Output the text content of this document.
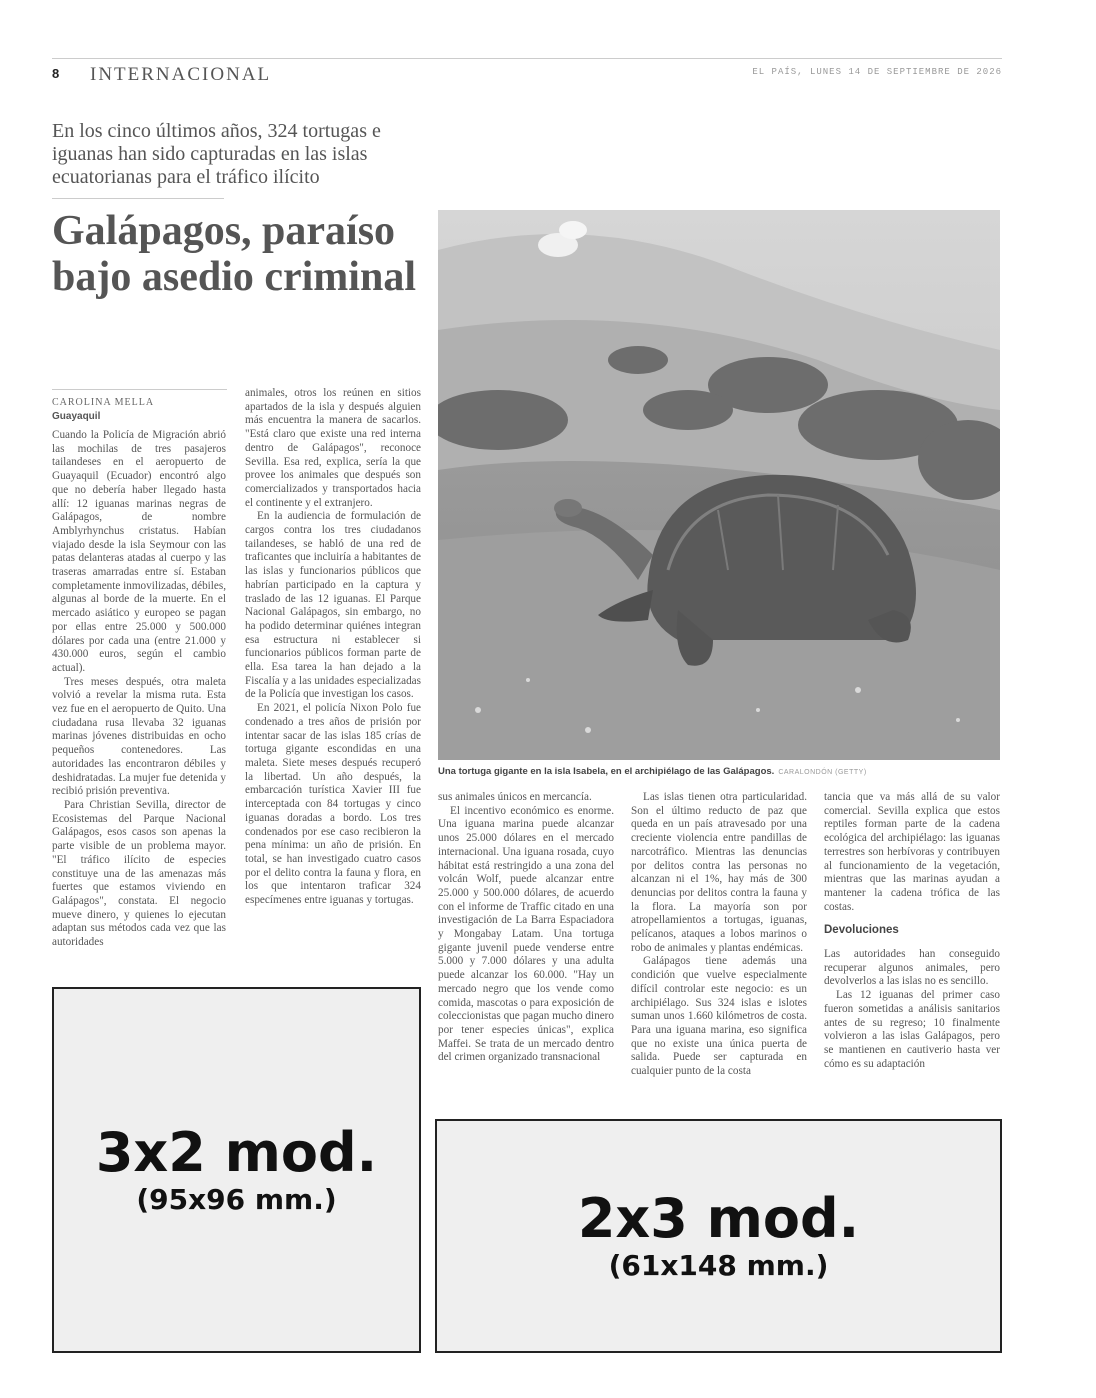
8 INTERNACIONAL	EL PAÍS, LUNES 14 DE SEPTIEMBRE DE 2026
En los cinco últimos años, 324 tortugas e iguanas han sido capturadas en las islas ecuatorianas para el tráfico ilícito
Galápagos, paraíso bajo asedio criminal
CAROLINA MELLA
Guayaquil

Cuando la Policía de Migración abrió las mochilas de tres pasajeros tailandeses en el aeropuerto de Guayaquil (Ecuador) encontró algo que no debería haber llegado hasta allí: 12 iguanas marinas negras de Galápagos, de nombre Amblyrhynchus cristatus. Habían viajado desde la isla Seymour con las patas delanteras atadas al cuerpo y las traseras amarradas entre sí. Estaban completamente inmovilizadas, débiles, algunas al borde de la muerte. En el mercado asiático y europeo se pagan por ellas entre 25.000 y 500.000 dólares por cada una (entre 21.000 y 430.000 euros, según el cambio actual).

Tres meses después, otra maleta volvió a revelar la misma ruta. Esta vez fue en el aeropuerto de Quito. Una ciudadana rusa llevaba 32 iguanas marinas jóvenes distribuidas en ocho pequeños contenedores. Las autoridades las encontraron débiles y deshidratadas. La mujer fue detenida y recibió prisión preventiva.

Para Christian Sevilla, director de Ecosistemas del Parque Nacional Galápagos, esos casos son apenas la parte visible de un problema mayor. "El tráfico ilícito de especies constituye una de las amenazas más fuertes que estamos viviendo en Galápagos", constata. El negocio mueve dinero, y quienes lo ejecutan adaptan sus métodos cada vez que las autoridades

animales, otros los reúnen en sitios apartados de la isla y después alguien más encuentra la manera de sacarlos. "Está claro que existe una red interna dentro de Galápagos", reconoce Sevilla. Esa red, explica, sería la que provee los animales que después son comercializados y transportados hacia el continente y el extranjero.

En la audiencia de formulación de cargos contra los tres ciudadanos tailandeses, se habló de una red de traficantes que incluiría a habitantes de las islas y funcionarios públicos que habrían participado en la captura y traslado de las 12 iguanas. El Parque Nacional Galápagos, sin embargo, no ha podido determinar quiénes integran esa estructura ni establecer si funcionarios públicos forman parte de ella. Esa tarea la han dejado a la Fiscalía y a las unidades especializadas de la Policía que investigan los casos.

En 2021, el policía Nixon Polo fue condenado a tres años de prisión por intentar sacar de las islas 185 crías de tortuga gigante escondidas en una maleta. Siete meses después recuperó la libertad. Un año después, la embarcación turística Xavier III fue interceptada con 84 tortugas y cinco iguanas doradas a bordo. Los tres condenados por ese caso recibieron la pena mínima: un año de prisión. En total, se han investigado cuatro casos por el delito contra la fauna y flora, en los que intentaron traficar 324 especímenes entre iguanas y tortugas.

Una tortuga gigante en la isla Isabela, en el archipiélago de las Galápagos. CARALONDÓN (GETTY)

sus animales únicos en mercancía.

El incentivo económico es enorme. Una iguana marina puede alcanzar unos 25.000 dólares en el mercado internacional. Una iguana rosada, cuyo hábitat está restringido a una zona del volcán Wolf, puede alcanzar entre 25.000 y 500.000 dólares, de acuerdo con el informe de Traffic citado en una investigación de La Barra Espaciadora y Mongabay Latam. Una tortuga gigante juvenil puede venderse entre 5.000 y 7.000 dólares y una adulta puede alcanzar los 60.000. "Hay un mercado negro que los vende como comida, mascotas o para exposición de coleccionistas que pagan mucho dinero por tener especies únicas", explica Maffei. Se trata de un mercado dentro del crimen organizado transnacional

Las islas tienen otra particularidad. Son el último reducto de paz que queda en un país atravesado por una creciente violencia entre pandillas de narcotráfico. Mientras las denuncias por delitos contra las personas no alcanzan ni el 1%, hay más de 300 denuncias por delitos contra la fauna y la flora. La mayoría son por atropellamientos a tortugas, iguanas, pelícanos, ataques a lobos marinos o robo de animales y plantas endémicas.

Galápagos tiene además una condición que vuelve especialmente difícil controlar este negocio: es un archipiélago. Sus 324 islas e islotes suman unos 1.660 kilómetros de costa. Para una iguana marina, eso significa que no existe una única puerta de salida. Puede ser capturada en cualquier punto de la costa

tancia que va más allá de su valor comercial. Sevilla explica que estos reptiles forman parte de la cadena ecológica del archipiélago: las iguanas terrestres son herbívoras y contribuyen al funcionamiento de la vegetación, mientras que las marinas ayudan a mantener la cadena trófica de las costas.

Devoluciones

Las autoridades han conseguido recuperar algunos animales, pero devolverlos a las islas no es sencillo.

Las 12 iguanas del primer caso fueron sometidas a análisis sanitarios antes de su regreso; 10 finalmente volvieron a las islas Galápagos, pero se mantienen en cautiverio hasta ver cómo es su adaptación

3x2 mod.
(95x96 mm.)	2x3 mod.
(61x148 mm.)
